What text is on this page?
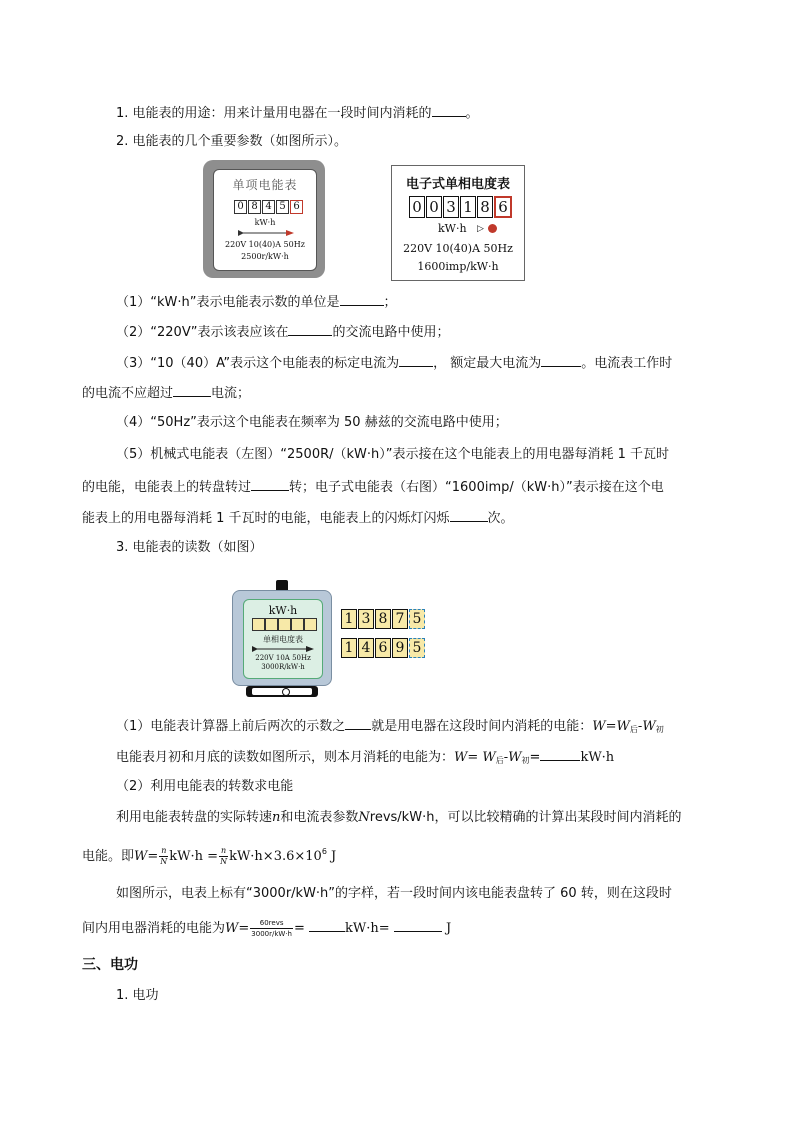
1. 电能表的用途：用来计量用电器在一段时间内消耗的	。
2. 电能表的几个重要参数（如图所示）。
单项电能表
0 8 4 5 6
kW·h
220V 10(40)A 50Hz
2500r/kW·h
电子式单相电度表
0 0 3 1 8 6
kW·h ▷
220V 10(40)A 50Hz
1600imp/kW·h
（1）“kW·h”表示电能表示数的单位是	；
（2）“220V”表示该表应该在	的交流电路中使用；
（3）“10（40）A”表示这个电能表的标定电流为	， 额定最大电流为	。电流表工作时
的电流不应超过	电流；
（4）“50Hz”表示这个电能表在频率为 50 赫兹的交流电路中使用；
（5）机械式电能表（左图）“2500R/（kW·h）”表示接在这个电能表上的用电器每消耗 1 千瓦时
的电能，电能表上的转盘转过	转；电子式电能表（右图）“1600imp/（kW·h）”表示接在这个电
能表上的用电器每消耗 1 千瓦时的电能，电能表上的闪烁灯闪烁	次。
3. 电能表的读数（如图）
kW·h
单相电度表
220V 10A 50Hz
3000R/kW·h
1 3 8 7 5
1 4 6 9 5
（1）电能表计算器上前后两次的示数之 就是用电器在这段时间内消耗的电能：$W=W_后-W_初$
电能表月初和月底的读数如图所示，则本月消耗的电能为：$W= W_后-W_初=$	kW·h
（2）利用电能表的转数求电能
利用电能表转盘的实际转速n和电流表参数Nrevs/kW·h，可以比较精确的计算出某段时间内消耗的
电能。即$W= \frac{n}{N} kW\cdot h = \frac{n}{N} kW\cdot h\times 3.6\times 10^6$ J
如图所示，电表上标有“3000r/kW·h”的字样，若一段时间内该电能表盘转了 60 转，则在这段时
间内用电器消耗的电能为$W= \frac{\text{60revs}}{3000r/kW\cdot h}$ =	kW·h=	J
三、电功
1. 电功
